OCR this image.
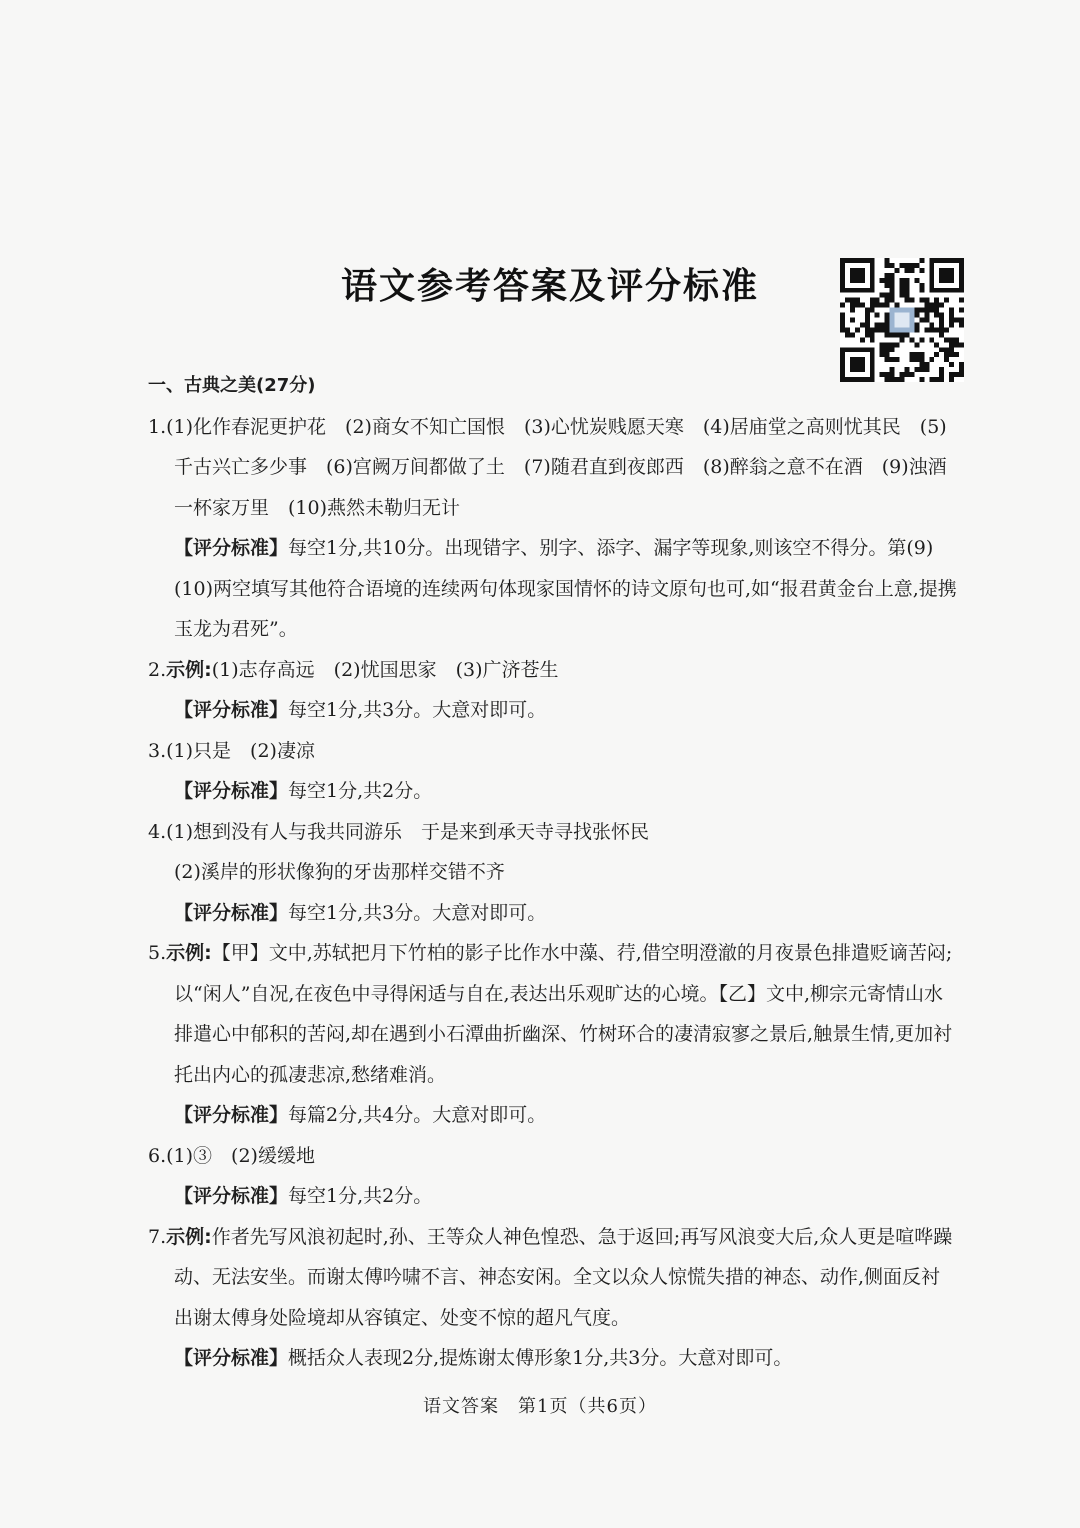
语文参考答案及评分标准

一、古典之美(27分)

1.(1)化作春泥更护花　(2)商女不知亡国恨　(3)心忧炭贱愿天寒　(4)居庙堂之高则忧其民　(5)千古兴亡多少事　(6)宫阙万间都做了土　(7)随君直到夜郎西　(8)醉翁之意不在酒　(9)浊酒一杯家万里　(10)燕然未勒归无计

【评分标准】每空1分,共10分。出现错字、别字、添字、漏字等现象,则该空不得分。第(9)(10)两空填写其他符合语境的连续两句体现家国情怀的诗文原句也可,如“报君黄金台上意,提携玉龙为君死”。

2.示例:(1)志存高远　(2)忧国思家　(3)广济苍生

【评分标准】每空1分,共3分。大意对即可。

3.(1)只是　(2)凄凉

【评分标准】每空1分,共2分。

4.(1)想到没有人与我共同游乐　于是来到承天寺寻找张怀民

(2)溪岸的形状像狗的牙齿那样交错不齐

【评分标准】每空1分,共3分。大意对即可。

5.示例:【甲】文中,苏轼把月下竹柏的影子比作水中藻、荇,借空明澄澈的月夜景色排遣贬谪苦闷;以“闲人”自况,在夜色中寻得闲适与自在,表达出乐观旷达的心境。【乙】文中,柳宗元寄情山水排遣心中郁积的苦闷,却在遇到小石潭曲折幽深、竹树环合的凄清寂寥之景后,触景生情,更加衬托出内心的孤凄悲凉,愁绪难消。

【评分标准】每篇2分,共4分。大意对即可。

6.(1)③　(2)缓缓地

【评分标准】每空1分,共2分。

7.示例:作者先写风浪初起时,孙、王等众人神色惶恐、急于返回;再写风浪变大后,众人更是喧哗躁动、无法安坐。而谢太傅吟啸不言、神态安闲。全文以众人惊慌失措的神态、动作,侧面反衬出谢太傅身处险境却从容镇定、处变不惊的超凡气度。

【评分标准】概括众人表现2分,提炼谢太傅形象1分,共3分。大意对即可。

语文答案　第1页（共6页）
